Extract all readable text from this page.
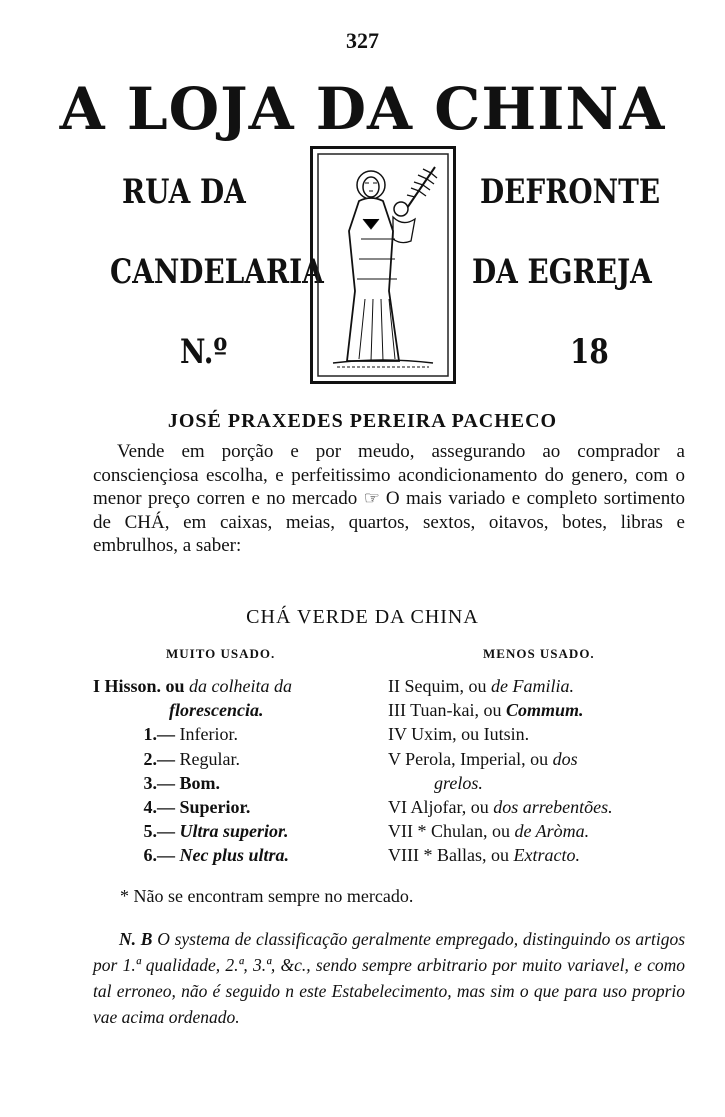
327
A LOJA DA CHINA
RUA DA
CANDELARIA
N.º
DEFRONTE
DA EGREJA
18
JOSÉ PRAXEDES PEREIRA PACHECO
Vende em porção e por meudo, assegurando ao comprador a consciençiosa escolha, e perfeitissimo acondicionamento do genero, com o menor preço corren e no mercado ☞ O mais variado e completo sortimento de CHÁ, em caixas, meias, quartos, sextos, oitavos, botes, libras e embrulhos, a saber:
CHÁ VERDE DA CHINA
MUITO USADO.	MENOS USADO.
I Hisson. ou da colheita da
florescencia.
1.— Inferior.
2.— Regular.
3.— Bom.
4.— Superior.
5.— Ultra superior.
6.— Nec plus ultra.
II Sequim, ou de Familia.
III Tuan-kai, ou Commum.
IV Uxim, ou Iutsin.
V Perola, Imperial, ou dos
grelos.
VI Aljofar, ou dos arrebentões.
VII * Chulan, ou de Aròma.
VIII * Ballas, ou Extracto.
* Não se encontram sempre no mercado.
N. B O systema de classificação geralmente empregado, distinguindo os artigos por 1.ª qualidade, 2.ª, 3.ª, &c., sendo sempre arbitrario por muito variavel, e como tal erroneo, não é seguido n este Estabelecimento, mas sim o que para uso proprio vae acima ordenado.
